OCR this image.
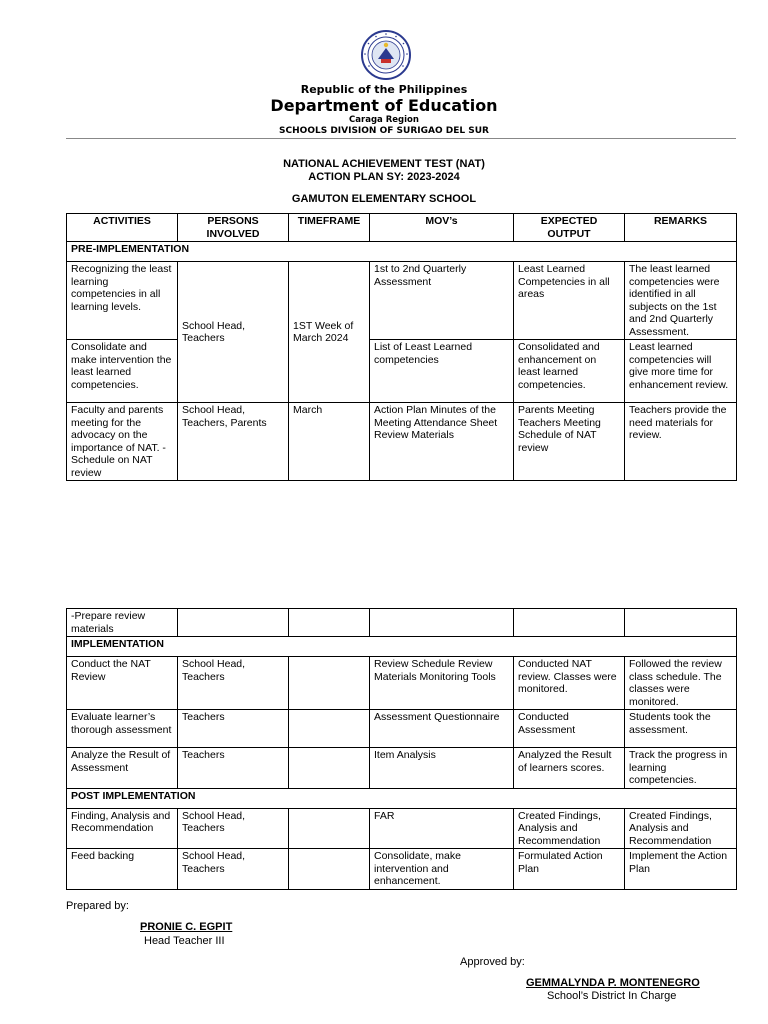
Republic of the Philippines
Department of Education
Caraga Region
SCHOOLS DIVISION OF SURIGAO DEL SUR
NATIONAL ACHIEVEMENT TEST (NAT)
ACTION PLAN SY: 2023-2024
GAMUTON ELEMENTARY SCHOOL
ACTIVITIES	PERSONS INVOLVED	TIMEFRAME	MOV’s	EXPECTED OUTPUT	REMARKS
PRE-IMPLEMENTATION					
Recognizing the least learning competencies in all learning levels.	School Head, Teachers	1ST Week of March 2024	1st to 2nd Quarterly Assessment	Least Learned Competencies in all areas	The least learned competencies were identified in all subjects on the 1st and 2nd Quarterly Assessment.
Consolidate and make intervention the least learned competencies.			List of Least Learned competencies	Consolidated and enhancement on least learned competencies.	Least learned competencies will give more time for enhancement review.
Faculty and parents meeting for the advocacy on the importance of NAT. -Schedule on NAT review	School Head, Teachers, Parents	March	Action Plan Minutes of the Meeting Attendance Sheet Review Materials	Parents Meeting Teachers Meeting Schedule of NAT review	Teachers provide the need materials for review.
-Prepare review materials					
IMPLEMENTATION					
Conduct the NAT Review	School Head, Teachers		Review Schedule Review Materials Monitoring Tools	Conducted NAT review. Classes were monitored.	Followed the review class schedule. The classes were monitored.
Evaluate learner’s thorough assessment	Teachers		Assessment Questionnaire	Conducted Assessment	Students took the assessment.
Analyze the Result of Assessment	Teachers		Item Analysis	Analyzed the Result of learners scores.	Track the progress in learning competencies.
POST IMPLEMENTATION					
Finding, Analysis and Recommendation	School Head, Teachers		FAR	Created Findings, Analysis and Recommendation	Created Findings, Analysis and Recommendation
Feed backing	School Head, Teachers		Consolidate, make intervention and enhancement.	Formulated Action Plan	Implement the Action Plan
Prepared by:
PRONIE C. EGPIT
Head Teacher III
Approved by:
GEMMALYNDA P. MONTENEGRO
School’s District In Charge
